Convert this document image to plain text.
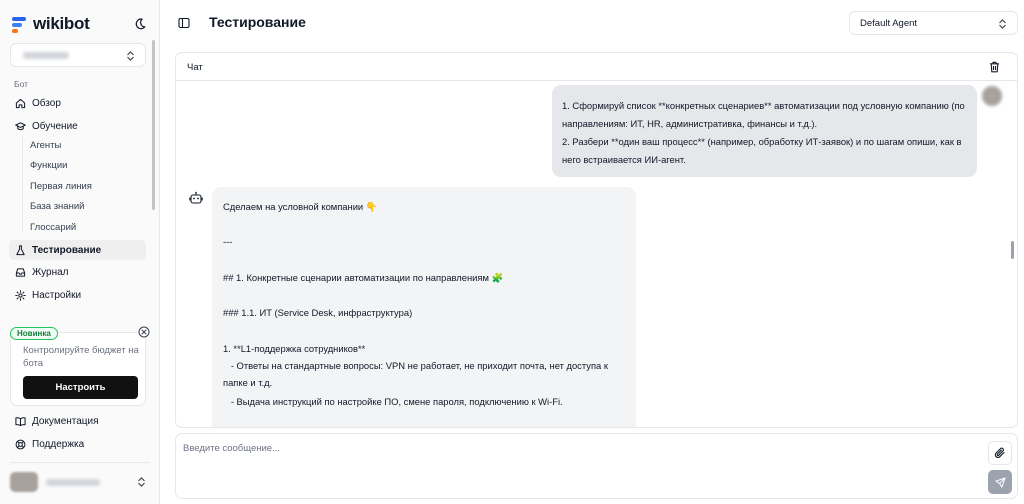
wikibot
Бот
Обзор
Обучение
Агенты
Функции
Первая линия
База знаний
Глоссарий
Тестирование
Журнал
Настройки
Новинка
Контролируйте бюджет на бота
Настроить
Документация
Поддержка
Тестирование	Default Agent
Чат

1. Сформируй список **конкретных сценариев** автоматизации под условную компанию (по направлениям: ИТ, HR, административка, финансы и т.д.).

2. Разбери **один ваш процесс** (например, обработку ИТ-заявок) и по шагам опиши, как в него встраивается ИИ-агент.

Сделаем на условной компании 👇
---
## 1. Конкретные сценарии автоматизации по направлениям 🧩
### 1.1. ИТ (Service Desk, инфраструктура)
1. **L1-поддержка сотрудников**
- Ответы на стандартные вопросы: VPN не работает, не приходит почта, нет доступа к папке и т.д.
- Выдача инструкций по настройке ПО, смене пароля, подключению к Wi-Fi.
Введите сообщение...
